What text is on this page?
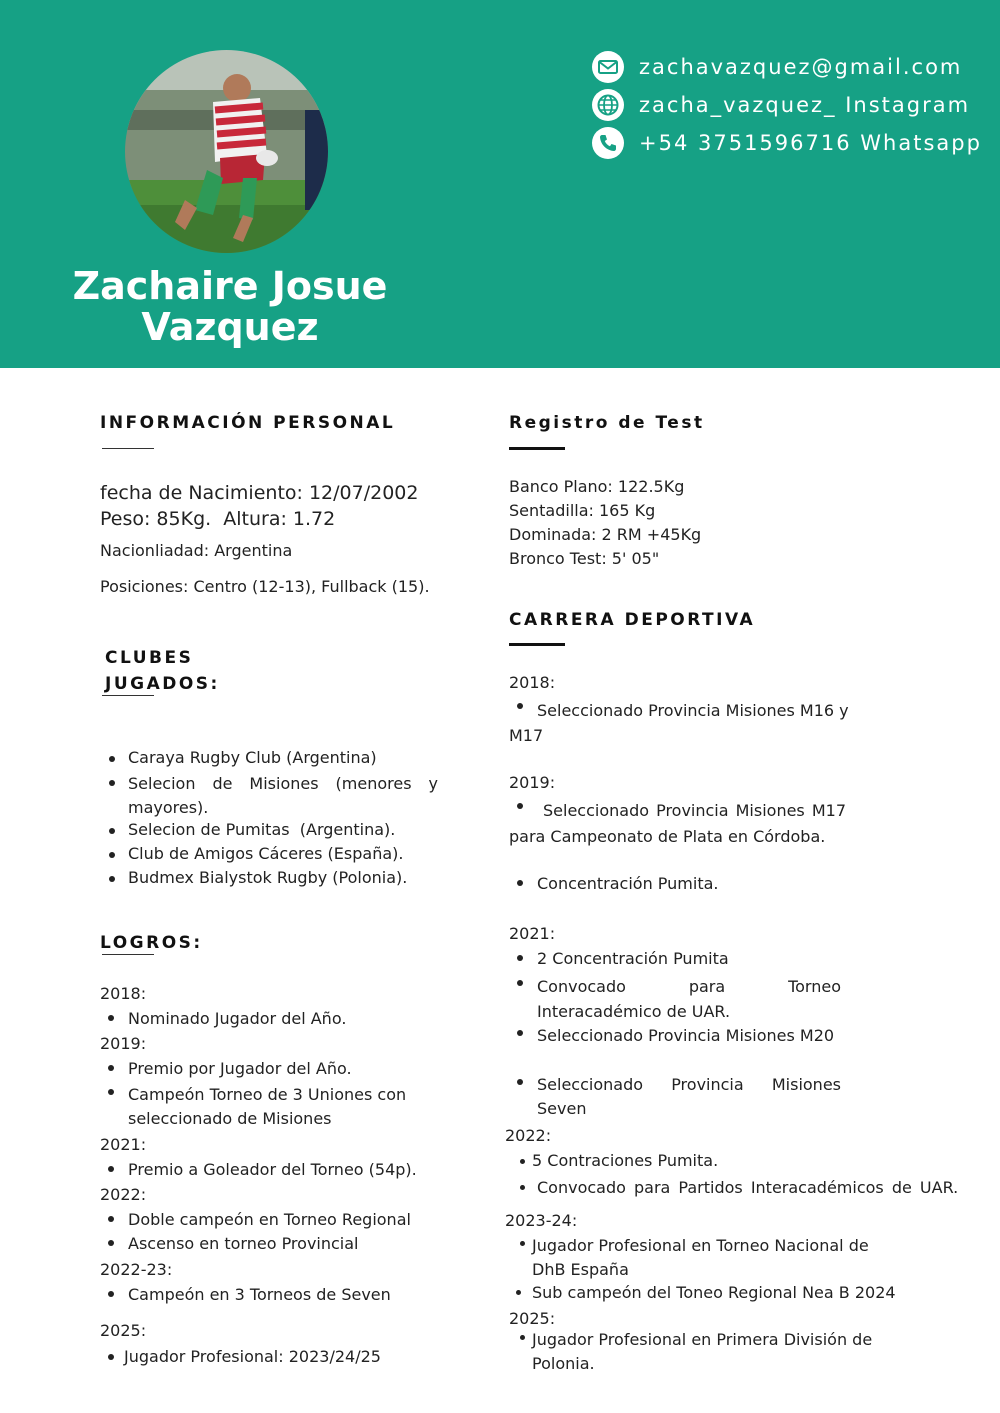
Zachaire Josue
Vazquez
zachavazquez@gmail.com
zacha_vazquez_ Instagram
+54 3751596716 Whatsapp
INFORMACIÓN PERSONAL
fecha de Nacimiento: 12/07/2002
Peso: 85Kg.  Altura: 1.72
Nacionliadad: Argentina
Posiciones: Centro (12-13), Fullback (15).
CLUBES
JUGADOS:
Caraya Rugby Club (Argentina)
Selecion de Misiones (menores y mayores).
Selecion de Pumitas  (Argentina).
Club de Amigos Cáceres (España).
Budmex Bialystok Rugby (Polonia).
LOGROS:
2018:
Nominado Jugador del Año.
2019:
Premio por Jugador del Año.
Campeón Torneo de 3 Uniones con seleccionado de Misiones
2021:
Premio a Goleador del Torneo (54p).
2022:
Doble campeón en Torneo Regional
Ascenso en torneo Provincial
2022-23:
Campeón en 3 Torneos de Seven
2025:
Jugador Profesional: 2023/24/25
Registro de Test
Banco Plano: 122.5Kg
Sentadilla: 165 Kg
Dominada: 2 RM +45Kg
Bronco Test: 5' 05"
CARRERA DEPORTIVA
2018:
Seleccionado Provincia Misiones M16 y M17
2019:
Seleccionado Provincia Misiones M17 para Campeonato de Plata en Córdoba.
Concentración Pumita.
2021:
2 Concentración Pumita
Convocado para Torneo Interacadémico de UAR.
Seleccionado Provincia Misiones M20
Seleccionado Provincia Misiones Seven
2022:
5 Contraciones Pumita.
Convocado para Partidos Interacadémicos de UAR.
2023-24:
Jugador Profesional en Torneo Nacional de DhB España
Sub campeón del Toneo Regional Nea B 2024
2025:
Jugador Profesional en Primera División de Polonia.
